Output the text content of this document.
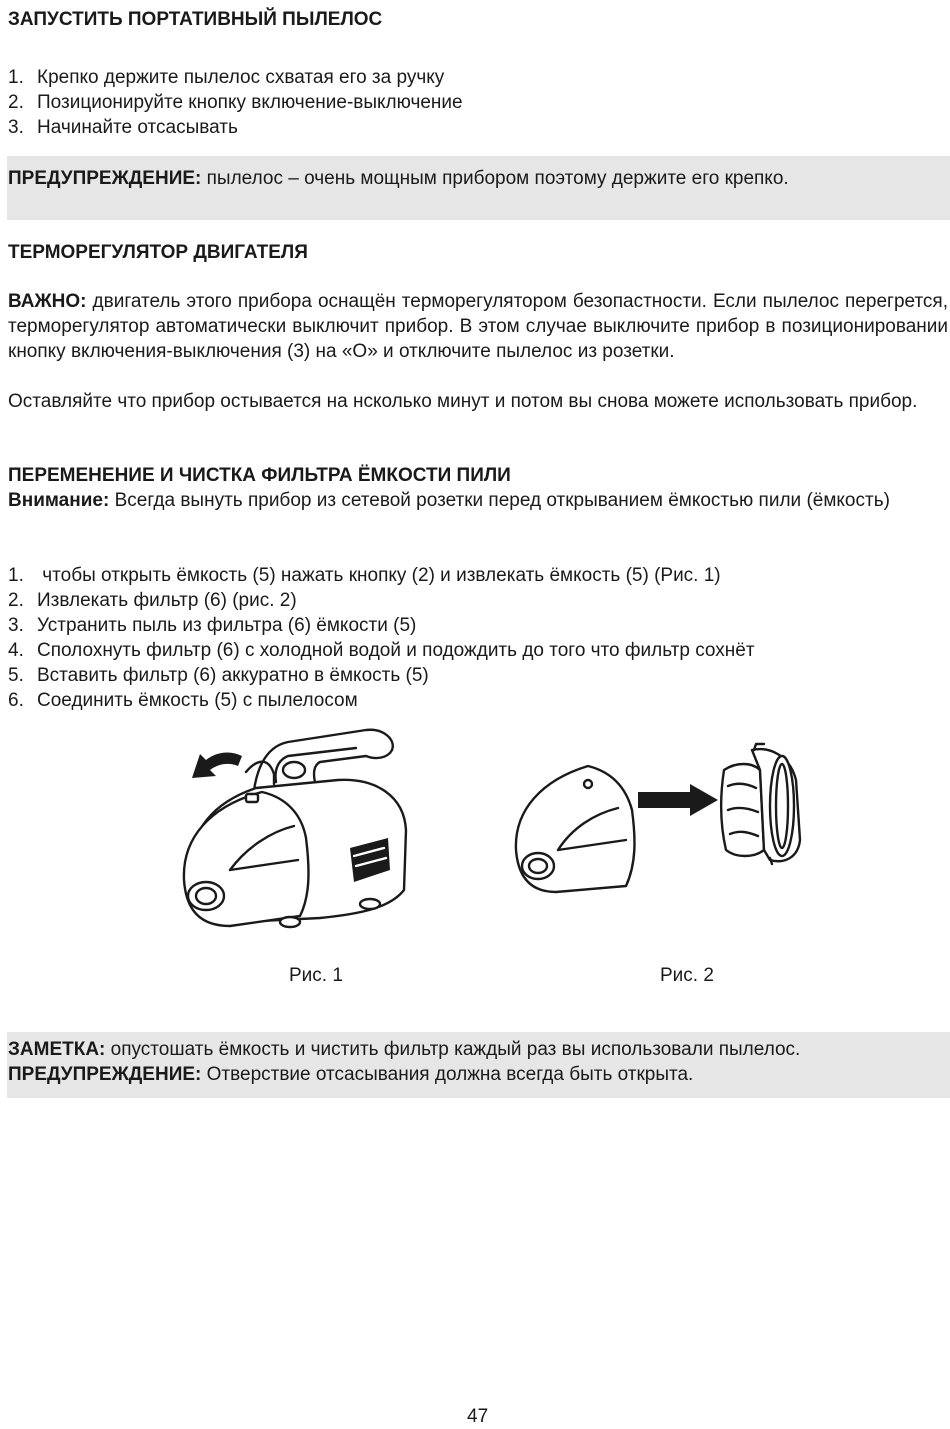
ЗАПУСТИТЬ ПОРТАТИВНЫЙ ПЫЛЕЛОС
1. Крепко держите пылелос схватая его за ручку
2. Позиционируйте кнопку включение-выключение
3. Начинайте отсасывать

ПРЕДУПРЕЖДЕНИЕ: пылелос – очень мощным прибором поэтому держите его крепко.

ТЕРМОРЕГУЛЯТОР ДВИГАТЕЛЯ

ВАЖНО: двигатель этого прибора оснащён терморегулятором безопастности. Если пылелос перегрется, терморегулятор автоматически выключит прибор. В этом случае выключите прибор в позиционировании кнопку включения-выключения (3) на «О» и отключите пылелос из розетки.

Оставляйте что прибор остывается на нсколько минут и потом вы снова можете использовать прибор.

ПЕРЕМЕНЕНИЕ И ЧИСТКА ФИЛЬТРА ЁМКОСТИ ПИЛИ

Внимание: Всегда вынуть прибор из сетевой розетки перед открыванием ёмкостью пили (ёмкость)

1. чтобы открыть ёмкость (5) нажать кнопку (2) и извлекать ёмкость (5) (Рис. 1)
2. Извлекать фильтр (6) (рис. 2)
3. Устранить пыль из фильтра (6) ёмкости (5)
4. Сполохнуть фильтр (6) с холодной водой и подождить до того что фильтр сохнёт
5. Вставить фильтр (6) аккуратно в ёмкость (5)
6. Соединить ёмкость (5) с пылелосом
Рис. 1	Рис. 2

ЗАМЕТКА: опустошать ёмкость и чистить фильтр каждый раз вы использовали пылелос.

ПРЕДУПРЕЖДЕНИЕ: Отверствие отсасывания должна всегда быть открыта.

47
